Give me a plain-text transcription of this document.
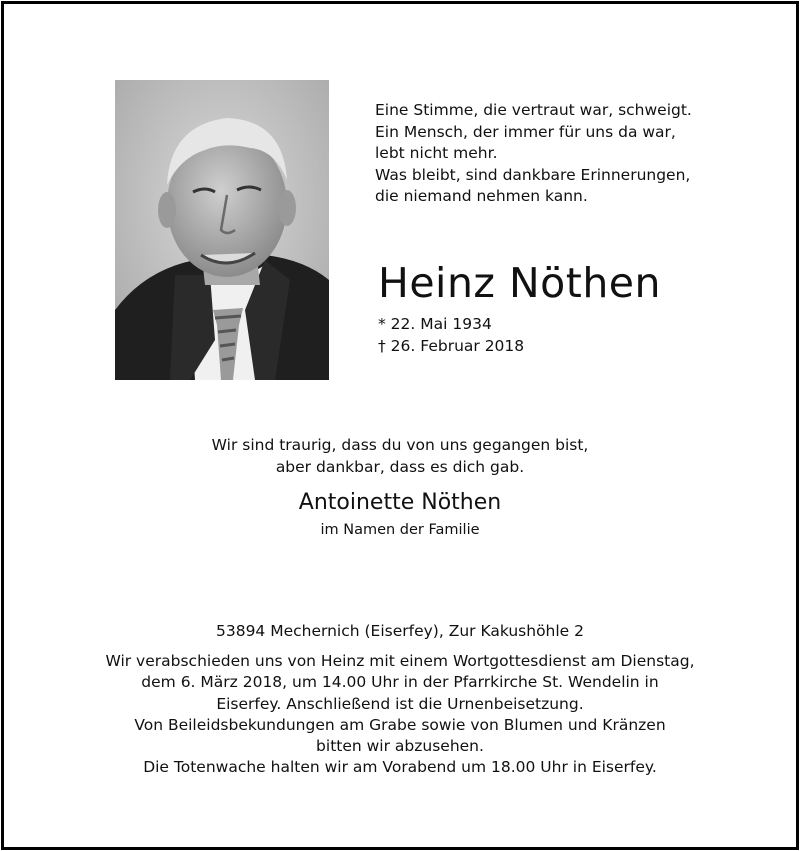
Eine Stimme, die vertraut war, schweigt.
Ein Mensch, der immer für uns da war,
lebt nicht mehr.
Was bleibt, sind dankbare Erinnerungen,
die niemand nehmen kann.
Heinz Nöthen
* 22. Mai 1934
† 26. Februar 2018
Wir sind traurig, dass du von uns gegangen bist,
aber dankbar, dass es dich gab.
Antoinette Nöthen
im Namen der Familie
53894 Mechernich (Eiserfey), Zur Kakushöhle 2
Wir verabschieden uns von Heinz mit einem Wortgottesdienst am Dienstag,
dem 6. März 2018, um 14.00 Uhr in der Pfarrkirche St. Wendelin in
Eiserfey. Anschließend ist die Urnenbeisetzung.
Von Beileidsbekundungen am Grabe sowie von Blumen und Kränzen
bitten wir abzusehen.
Die Totenwache halten wir am Vorabend um 18.00 Uhr in Eiserfey.
